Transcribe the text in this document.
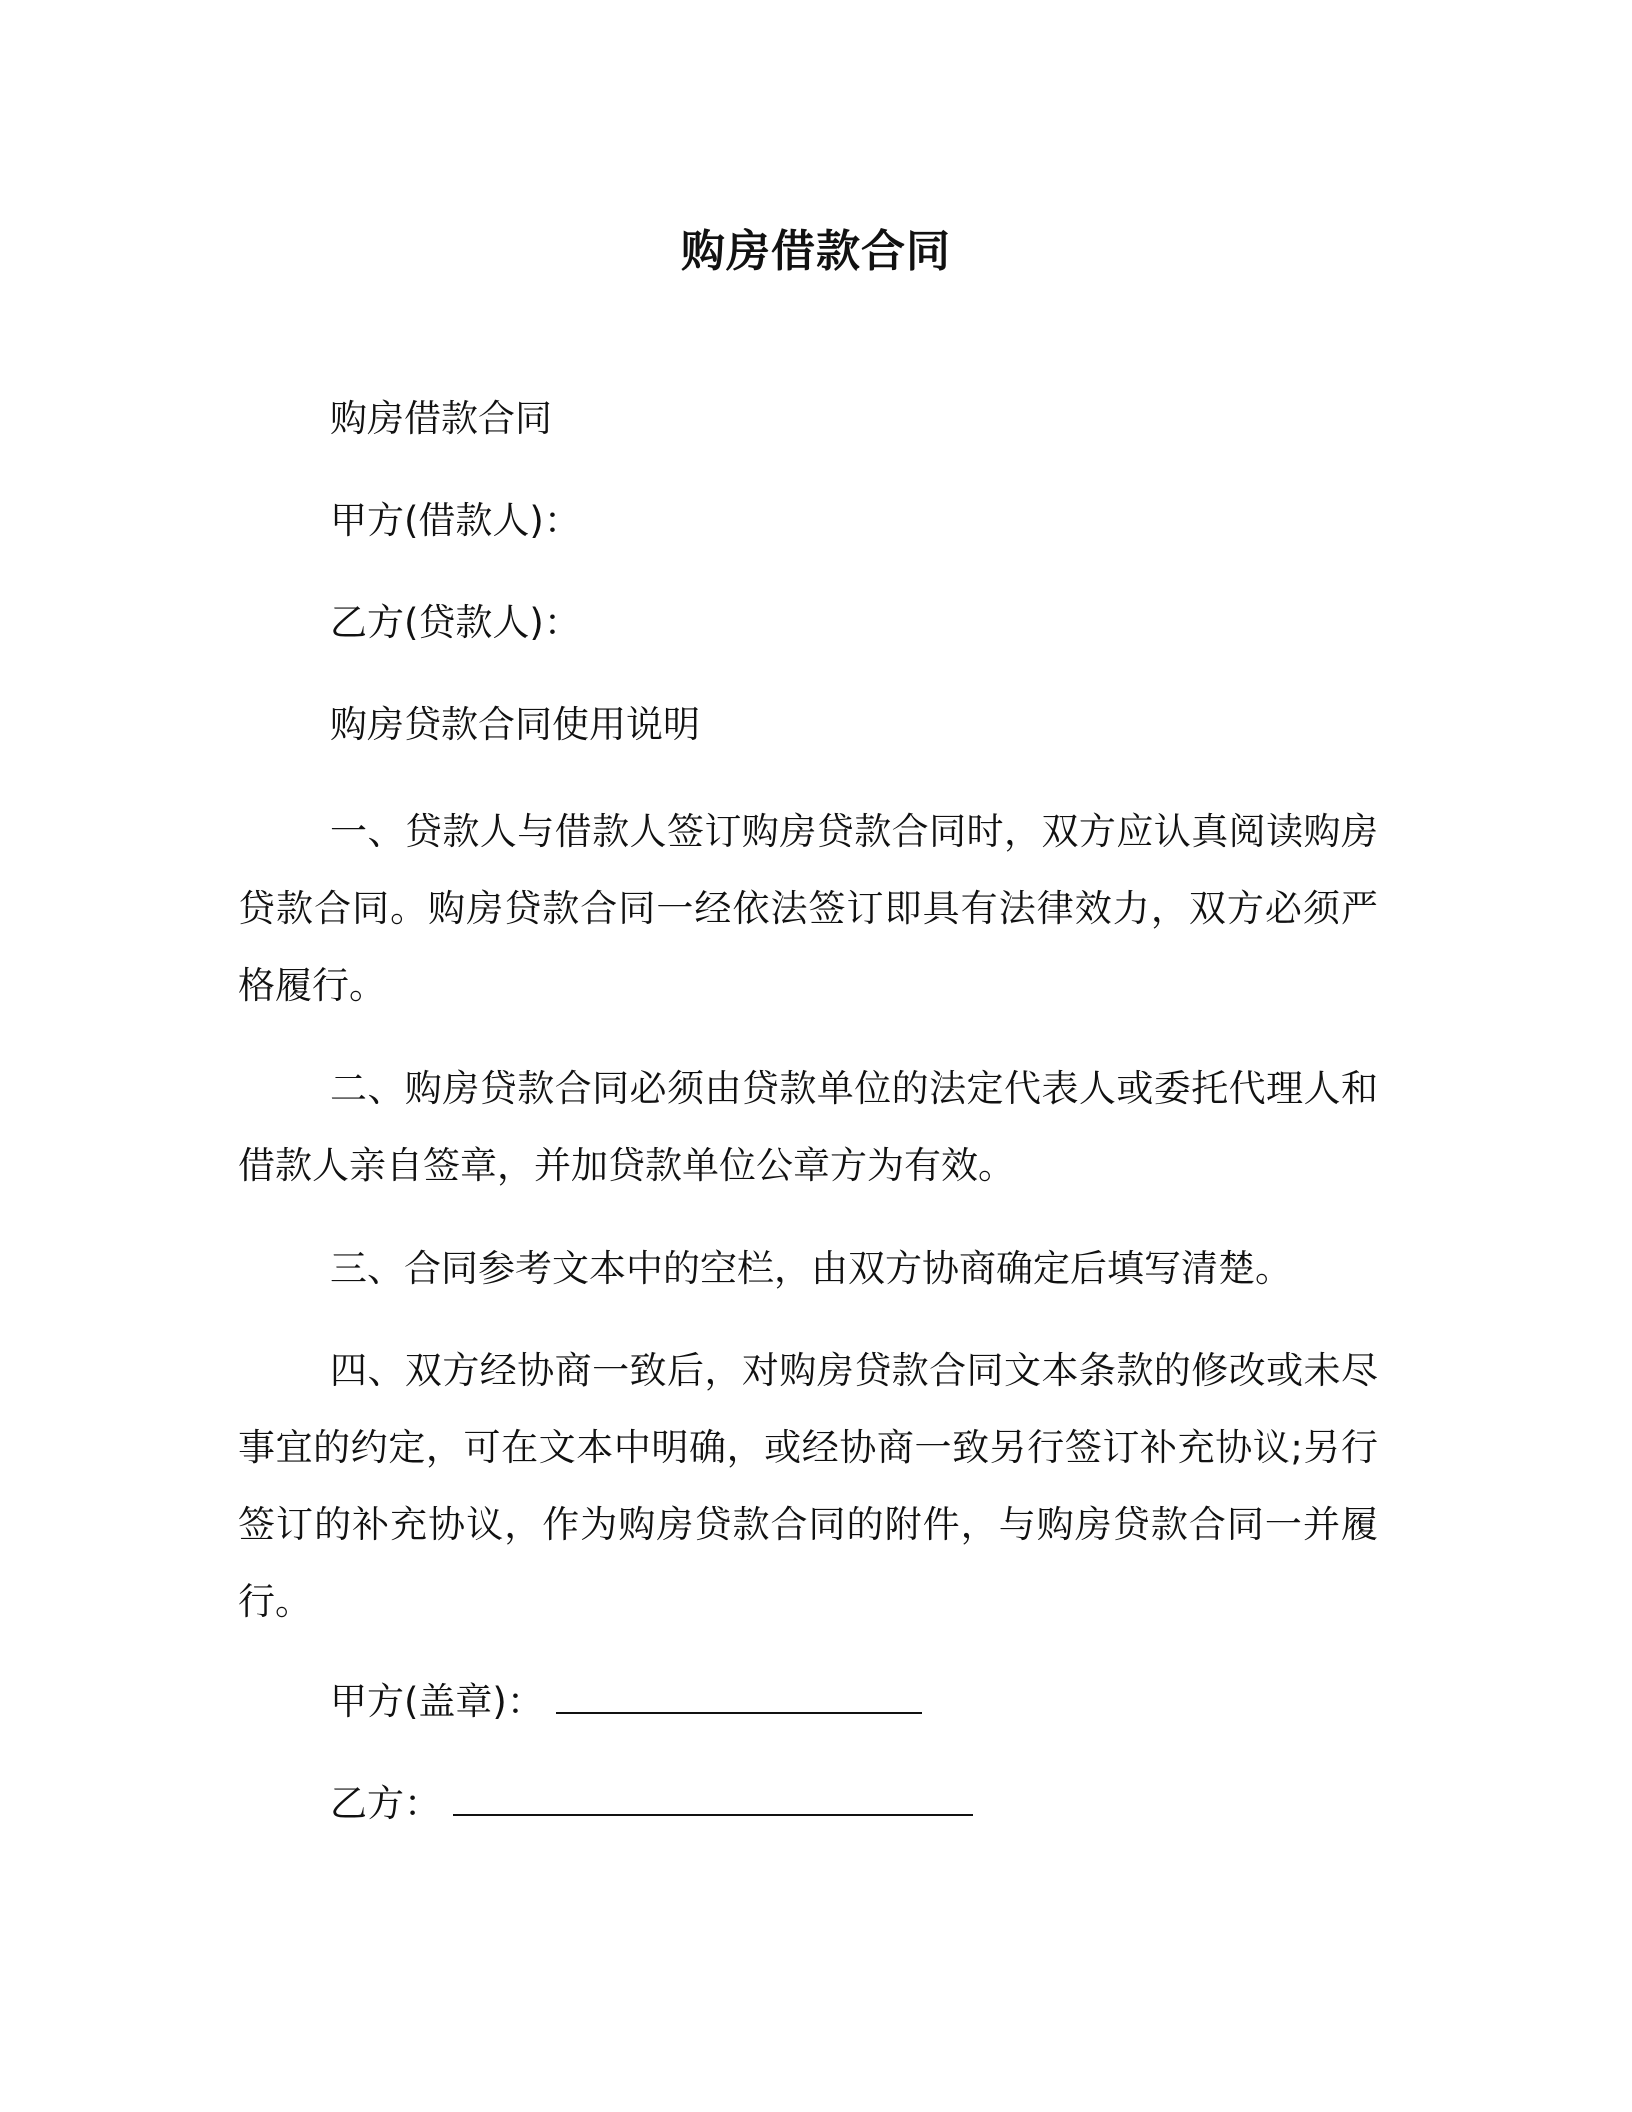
购房借款合同

购房借款合同

甲方(借款人)：

乙方(贷款人)：

购房贷款合同使用说明

一、贷款人与借款人签订购房贷款合同时，双方应认真阅读购房贷款合同。购房贷款合同一经依法签订即具有法律效力，双方必须严格履行。

二、购房贷款合同必须由贷款单位的法定代表人或委托代理人和借款人亲自签章，并加贷款单位公章方为有效。

三、合同参考文本中的空栏，由双方协商确定后填写清楚。

四、双方经协商一致后，对购房贷款合同文本条款的修改或未尽事宜的约定，可在文本中明确，或经协商一致另行签订补充协议;另行签订的补充协议，作为购房贷款合同的附件，与购房贷款合同一并履行。

甲方(盖章)：

乙方：
